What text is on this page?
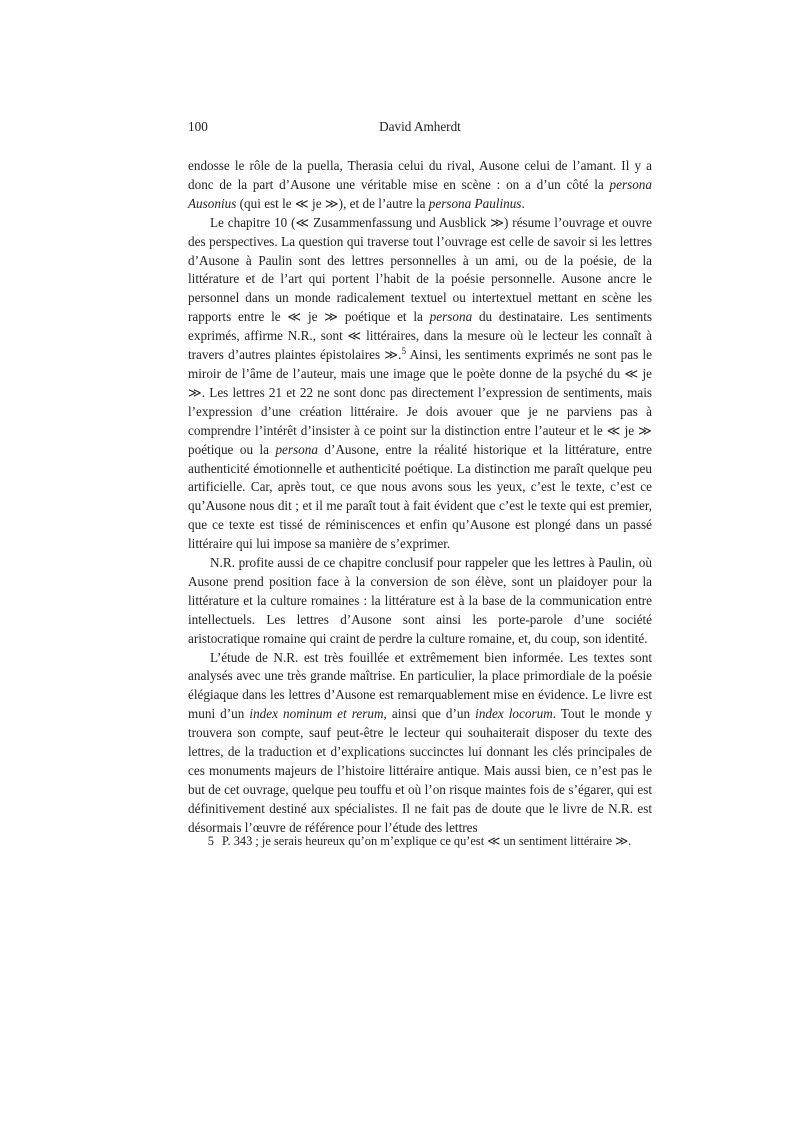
100	David Amherdt

endosse le rôle de la puella, Therasia celui du rival, Ausone celui de l’amant. Il y a donc de la part d’Ausone une véritable mise en scène : on a d’un côté la persona Ausonius (qui est le ≪ je ≫), et de l’autre la persona Paulinus.

Le chapitre 10 (≪ Zusammenfassung und Ausblick ≫) résume l’ouvrage et ouvre des perspectives. La question qui traverse tout l’ouvrage est celle de savoir si les lettres d’Ausone à Paulin sont des lettres personnelles à un ami, ou de la poésie, de la littérature et de l’art qui portent l’habit de la poésie personnelle. Ausone ancre le personnel dans un monde radicalement textuel ou intertextuel mettant en scène les rapports entre le ≪ je ≫ poétique et la persona du destinataire. Les sentiments exprimés, affirme N.R., sont ≪ littéraires, dans la mesure où le lecteur les connaît à travers d’autres plaintes épistolaires ≫.$^5$ Ainsi, les sentiments exprimés ne sont pas le miroir de l’âme de l’auteur, mais une image que le poète donne de la psyché du ≪ je ≫. Les lettres 21 et 22 ne sont donc pas directement l’expression de sentiments, mais l’expression d’une création littéraire. Je dois avouer que je ne parviens pas à comprendre l’intérêt d’insister à ce point sur la distinction entre l’auteur et le ≪ je ≫ poétique ou la persona d’Ausone, entre la réalité historique et la littérature, entre authenticité émotionnelle et authenticité poétique. La distinction me paraît quelque peu artificielle. Car, après tout, ce que nous avons sous les yeux, c’est le texte, c’est ce qu’Ausone nous dit ; et il me paraît tout à fait évident que c’est le texte qui est premier, que ce texte est tissé de réminiscences et enfin qu’Ausone est plongé dans un passé littéraire qui lui impose sa manière de s’exprimer.

N.R. profite aussi de ce chapitre conclusif pour rappeler que les lettres à Paulin, où Ausone prend position face à la conversion de son élève, sont un plaidoyer pour la littérature et la culture romaines : la littérature est à la base de la communication entre intellectuels. Les lettres d’Ausone sont ainsi les porte-parole d’une société aristocratique romaine qui craint de perdre la culture romaine, et, du coup, son identité.

L’étude de N.R. est très fouillée et extrêmement bien informée. Les textes sont analysés avec une très grande maîtrise. En particulier, la place primordiale de la poésie élégiaque dans les lettres d’Ausone est remarquablement mise en évidence. Le livre est muni d’un index nominum et rerum, ainsi que d’un index locorum. Tout le monde y trouvera son compte, sauf peut-être le lecteur qui souhaiterait disposer du texte des lettres, de la traduction et d’explications succinctes lui donnant les clés principales de ces monuments majeurs de l’histoire littéraire antique. Mais aussi bien, ce n’est pas le but de cet ouvrage, quelque peu touffu et où l’on risque maintes fois de s’égarer, qui est définitivement destiné aux spécialistes. Il ne fait pas de doute que le livre de N.R. est désormais l’œuvre de référence pour l’étude des lettres

5 P. 343 ; je serais heureux qu’on m’explique ce qu’est ≪ un sentiment littéraire ≫.
